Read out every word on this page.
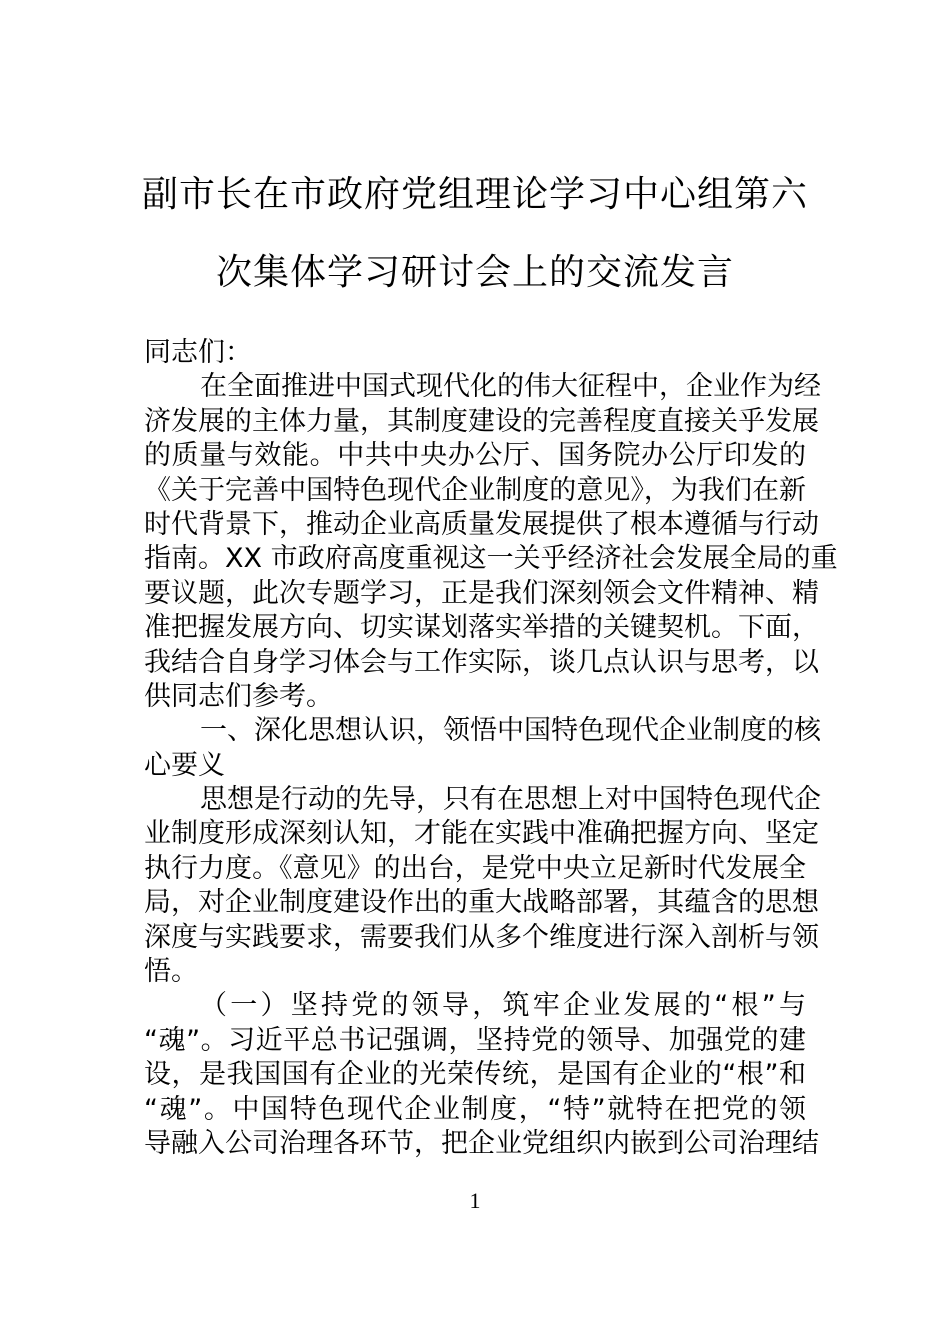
副市长在市政府党组理论学习中心组第六
次集体学习研讨会上的交流发言
同志们：
在全面推进中国式现代化的伟大征程中，企业作为经
济发展的主体力量，其制度建设的完善程度直接关乎发展
的质量与效能。中共中央办公厅、国务院办公厅印发的
《关于完善中国特色现代企业制度的意见》，为我们在新
时代背景下，推动企业高质量发展提供了根本遵循与行动
指南。XX 市政府高度重视这一关乎经济社会发展全局的重
要议题，此次专题学习，正是我们深刻领会文件精神、精
准把握发展方向、切实谋划落实举措的关键契机。下面，
我结合自身学习体会与工作实际，谈几点认识与思考，以
供同志们参考。
一、深化思想认识，领悟中国特色现代企业制度的核
心要义
思想是行动的先导，只有在思想上对中国特色现代企
业制度形成深刻认知，才能在实践中准确把握方向、坚定
执行力度。《意见》的出台，是党中央立足新时代发展全
局，对企业制度建设作出的重大战略部署，其蕴含的思想
深度与实践要求，需要我们从多个维度进行深入剖析与领
悟。
（一）坚持党的领导，筑牢企业发展的“根”与
“魂”。习近平总书记强调，坚持党的领导、加强党的建
设，是我国国有企业的光荣传统，是国有企业的“根”和
“魂”。中国特色现代企业制度，“特”就特在把党的领
导融入公司治理各环节，把企业党组织内嵌到公司治理结
1
